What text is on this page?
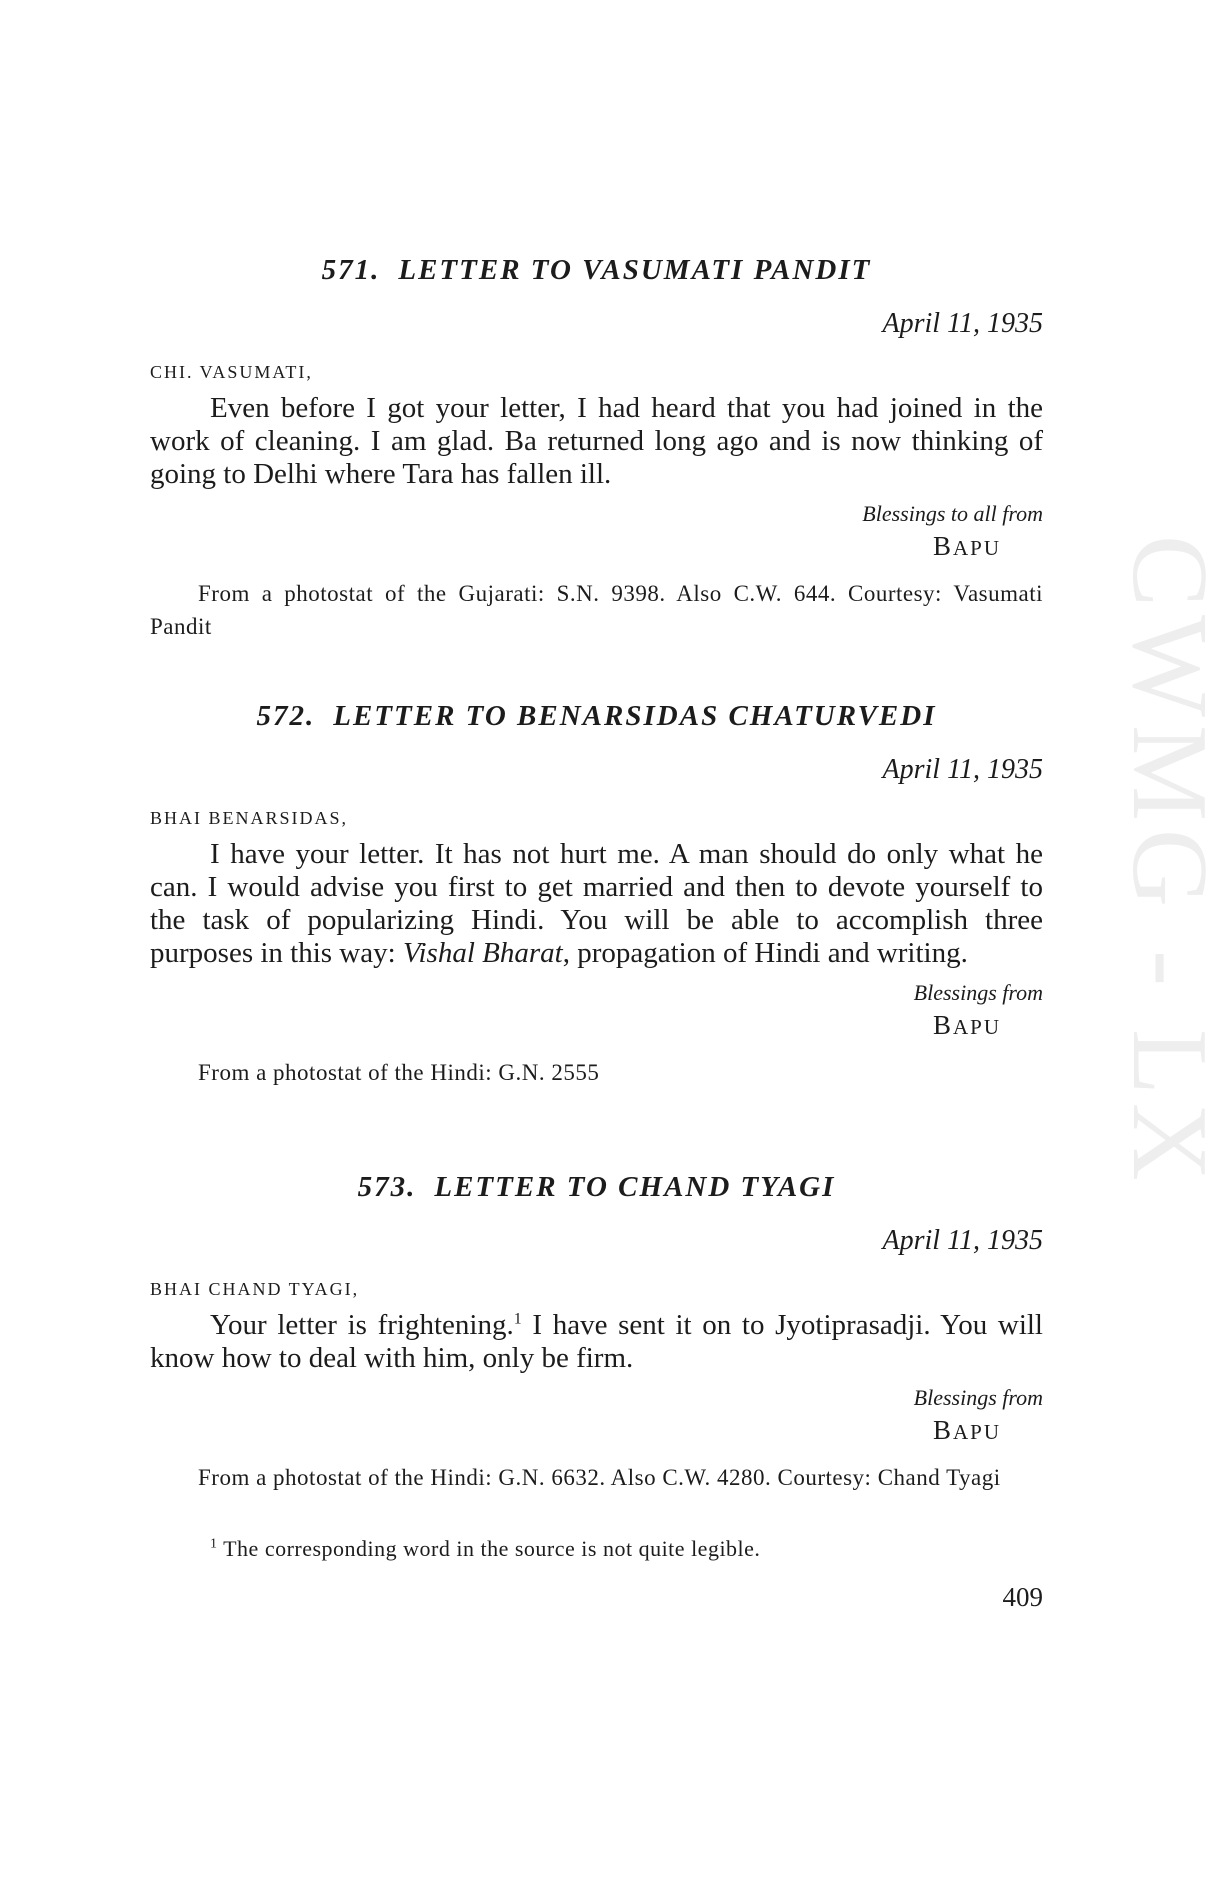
CWMG - LX
571. LETTER TO VASUMATI PANDIT
April 11, 1935
CHI. VASUMATI,

Even before I got your letter, I had heard that you had joined in the work of cleaning. I am glad. Ba returned long ago and is now thinking of going to Delhi where Tara has fallen ill.

Blessings to all from
BAPU

From a photostat of the Gujarati: S.N. 9398. Also C.W. 644. Courtesy: Vasumati Pandit

572. LETTER TO BENARSIDAS CHATURVEDI
April 11, 1935
BHAI BENARSIDAS,

I have your letter. It has not hurt me. A man should do only what he can. I would advise you first to get married and then to devote yourself to the task of popularizing Hindi. You will be able to accomplish three purposes in this way: Vishal Bharat, propagation of Hindi and writing.

Blessings from
BAPU

From a photostat of the Hindi: G.N. 2555

573. LETTER TO CHAND TYAGI
April 11, 1935
BHAI CHAND TYAGI,

Your letter is frightening.$^1$ I have sent it on to Jyotiprasadji. You will know how to deal with him, only be firm.

Blessings from
BAPU

From a photostat of the Hindi: G.N. 6632. Also C.W. 4280. Courtesy: Chand Tyagi

$^1$ The corresponding word in the source is not quite legible.
409
